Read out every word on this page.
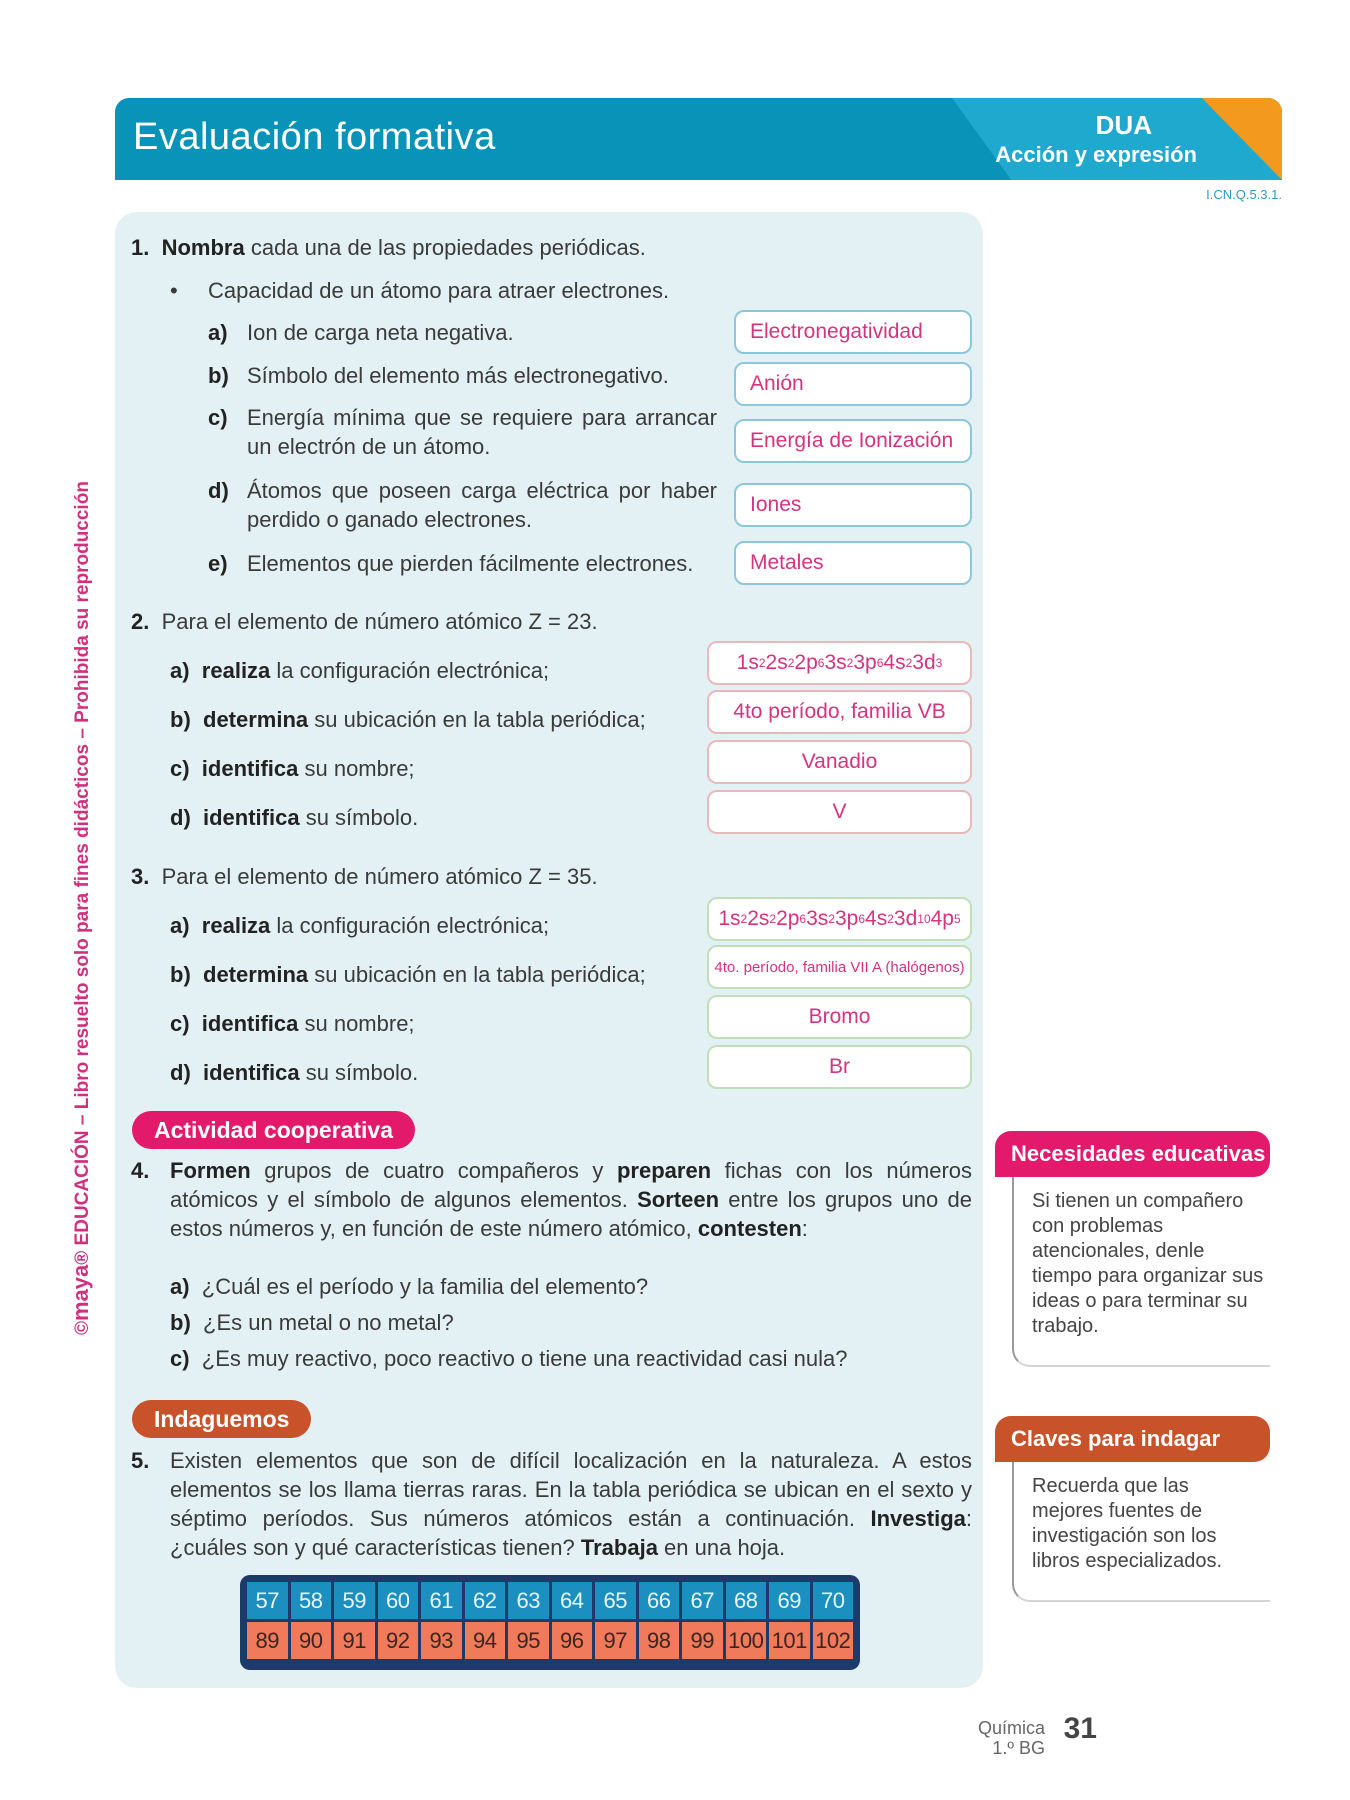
Evaluación formativa	DUA
Acción y expresión
I.CN.Q.5.3.1.
©maya® EDUCACIÓN – Libro resuelto solo para fines didácticos – Prohibida su reproducción
1. Nombra cada una de las propiedades periódicas.
• Capacidad de un átomo para atraer electrones.
a) Ion de carga neta negativa.
b) Símbolo del elemento más electronegativo.
c) Energía mínima que se requiere para arrancar un electrón de un átomo.
d) Átomos que poseen carga eléctrica por haber perdido o ganado electrones.
e) Elementos que pierden fácilmente electrones.
Electronegatividad
Anión
Energía de Ionización
Iones
Metales
2. Para el elemento de número atómico Z = 23.
a) realiza la configuración electrónica;
b) determina su ubicación en la tabla periódica;
c) identifica su nombre;
d) identifica su símbolo.
1s 2 2s 2 2p 6 3s 2 3p 6 4s 2 3d 3
4to período, familia VB
Vanadio
V
3. Para el elemento de número atómico Z = 35.
a) realiza la configuración electrónica;
b) determina su ubicación en la tabla periódica;
c) identifica su nombre;
d) identifica su símbolo.
1s 2 2s 2 2p 6 3s 2 3p 6 4s 2 3d 10 4p 5
4to. período, familia VII A (halógenos)
Bromo
Br
Actividad cooperativa
4. Formen grupos de cuatro compañeros y preparen fichas con los números atómicos y el símbolo de algunos elementos. Sorteen entre los grupos uno de estos números y, en función de este número atómico, contesten:
a) ¿Cuál es el período y la familia del elemento?
b) ¿Es un metal o no metal?
c) ¿Es muy reactivo, poco reactivo o tiene una reactividad casi nula?
Indaguemos
5. Existen elementos que son de difícil localización en la naturaleza. A estos elementos se los llama tierras raras. En la tabla periódica se ubican en el sexto y séptimo períodos. Sus números atómicos están a continuación. Investiga: ¿cuáles son y qué características tienen? Trabaja en una hoja.
57 58 59 60 61 62 63 64 65 66 67 68 69 70
89 90 91 92 93 94 95 96 97 98 99 100 101 102
Necesidades educativas
Si tienen un compañero con problemas atencionales, denle tiempo para organizar sus ideas o para terminar su trabajo.
Claves para indagar
Recuerda que las mejores fuentes de investigación son los libros especializados.
Química
1.º BG
31
